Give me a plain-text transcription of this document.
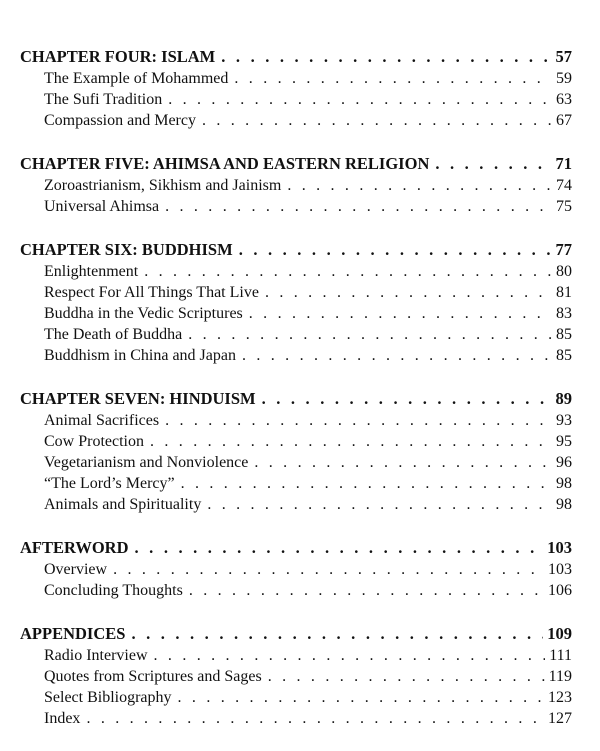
CHAPTER FOUR: ISLAM . . .	57
The Example of Mohammed . . .	59
The Sufi Tradition . . .	63
Compassion and Mercy . . .	67
CHAPTER FIVE: AHIMSA AND EASTERN RELIGION . . .	71
Zoroastrianism, Sikhism and Jainism . . .	74
Universal Ahimsa . . .	75
CHAPTER SIX: BUDDHISM . . .	77
Enlightenment . . .	80
Respect For All Things That Live . . .	81
Buddha in the Vedic Scriptures . . .	83
The Death of Buddha . . .	85
Buddhism in China and Japan . . .	85
CHAPTER SEVEN: HINDUISM . . .	89
Animal Sacrifices . . .	93
Cow Protection . . .	95
Vegetarianism and Nonviolence . . .	96
“The Lord’s Mercy” . . .	98
Animals and Spirituality . . .	98
AFTERWORD . . .	103
Overview . . .	103
Concluding Thoughts . . .	106
APPENDICES . . .	109
Radio Interview . . .	111
Quotes from Scriptures and Sages . . .	119
Select Bibliography . . .	123
Index . . .	127
